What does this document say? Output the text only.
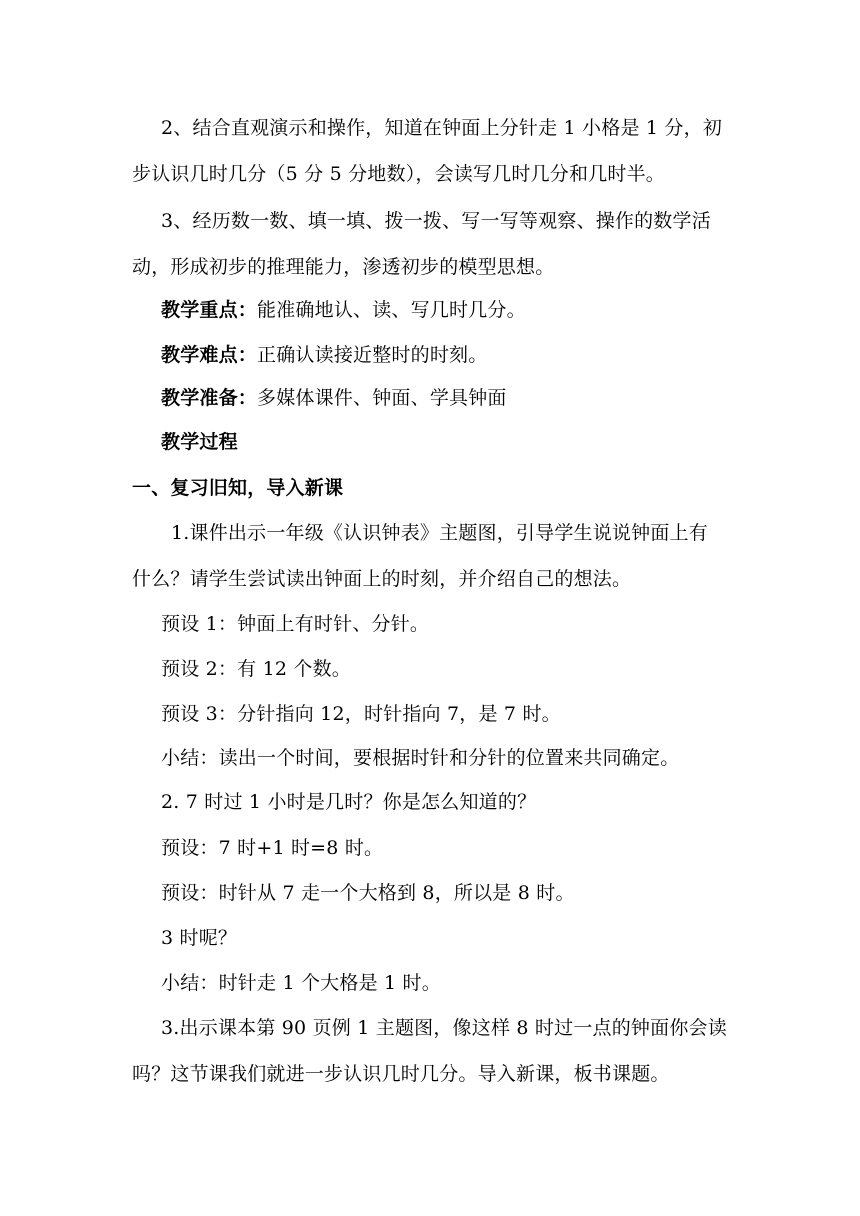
2、结合直观演示和操作，知道在钟面上分针走 1 小格是 1 分，初
步认识几时几分（5 分 5 分地数），会读写几时几分和几时半。
3、经历数一数、填一填、拨一拨、写一写等观察、操作的数学活
动，形成初步的推理能力，渗透初步的模型思想。
教学重点：能准确地认、读、写几时几分。
教学难点：正确认读接近整时的时刻。
教学准备：多媒体课件、钟面、学具钟面
教学过程
一、复习旧知，导入新课
1.课件出示一年级《认识钟表》主题图，引导学生说说钟面上有
什么？请学生尝试读出钟面上的时刻，并介绍自己的想法。
预设 1：钟面上有时针、分针。
预设 2：有 12 个数。
预设 3：分针指向 12，时针指向 7，是 7 时。
小结：读出一个时间，要根据时针和分针的位置来共同确定。
2. 7 时过 1 小时是几时？你是怎么知道的？
预设：7 时+1 时=8 时。
预设：时针从 7 走一个大格到 8，所以是 8 时。
3 时呢？
小结：时针走 1 个大格是 1 时。
3.出示课本第 90 页例 1 主题图，像这样 8 时过一点的钟面你会读
吗？这节课我们就进一步认识几时几分。导入新课，板书课题。
